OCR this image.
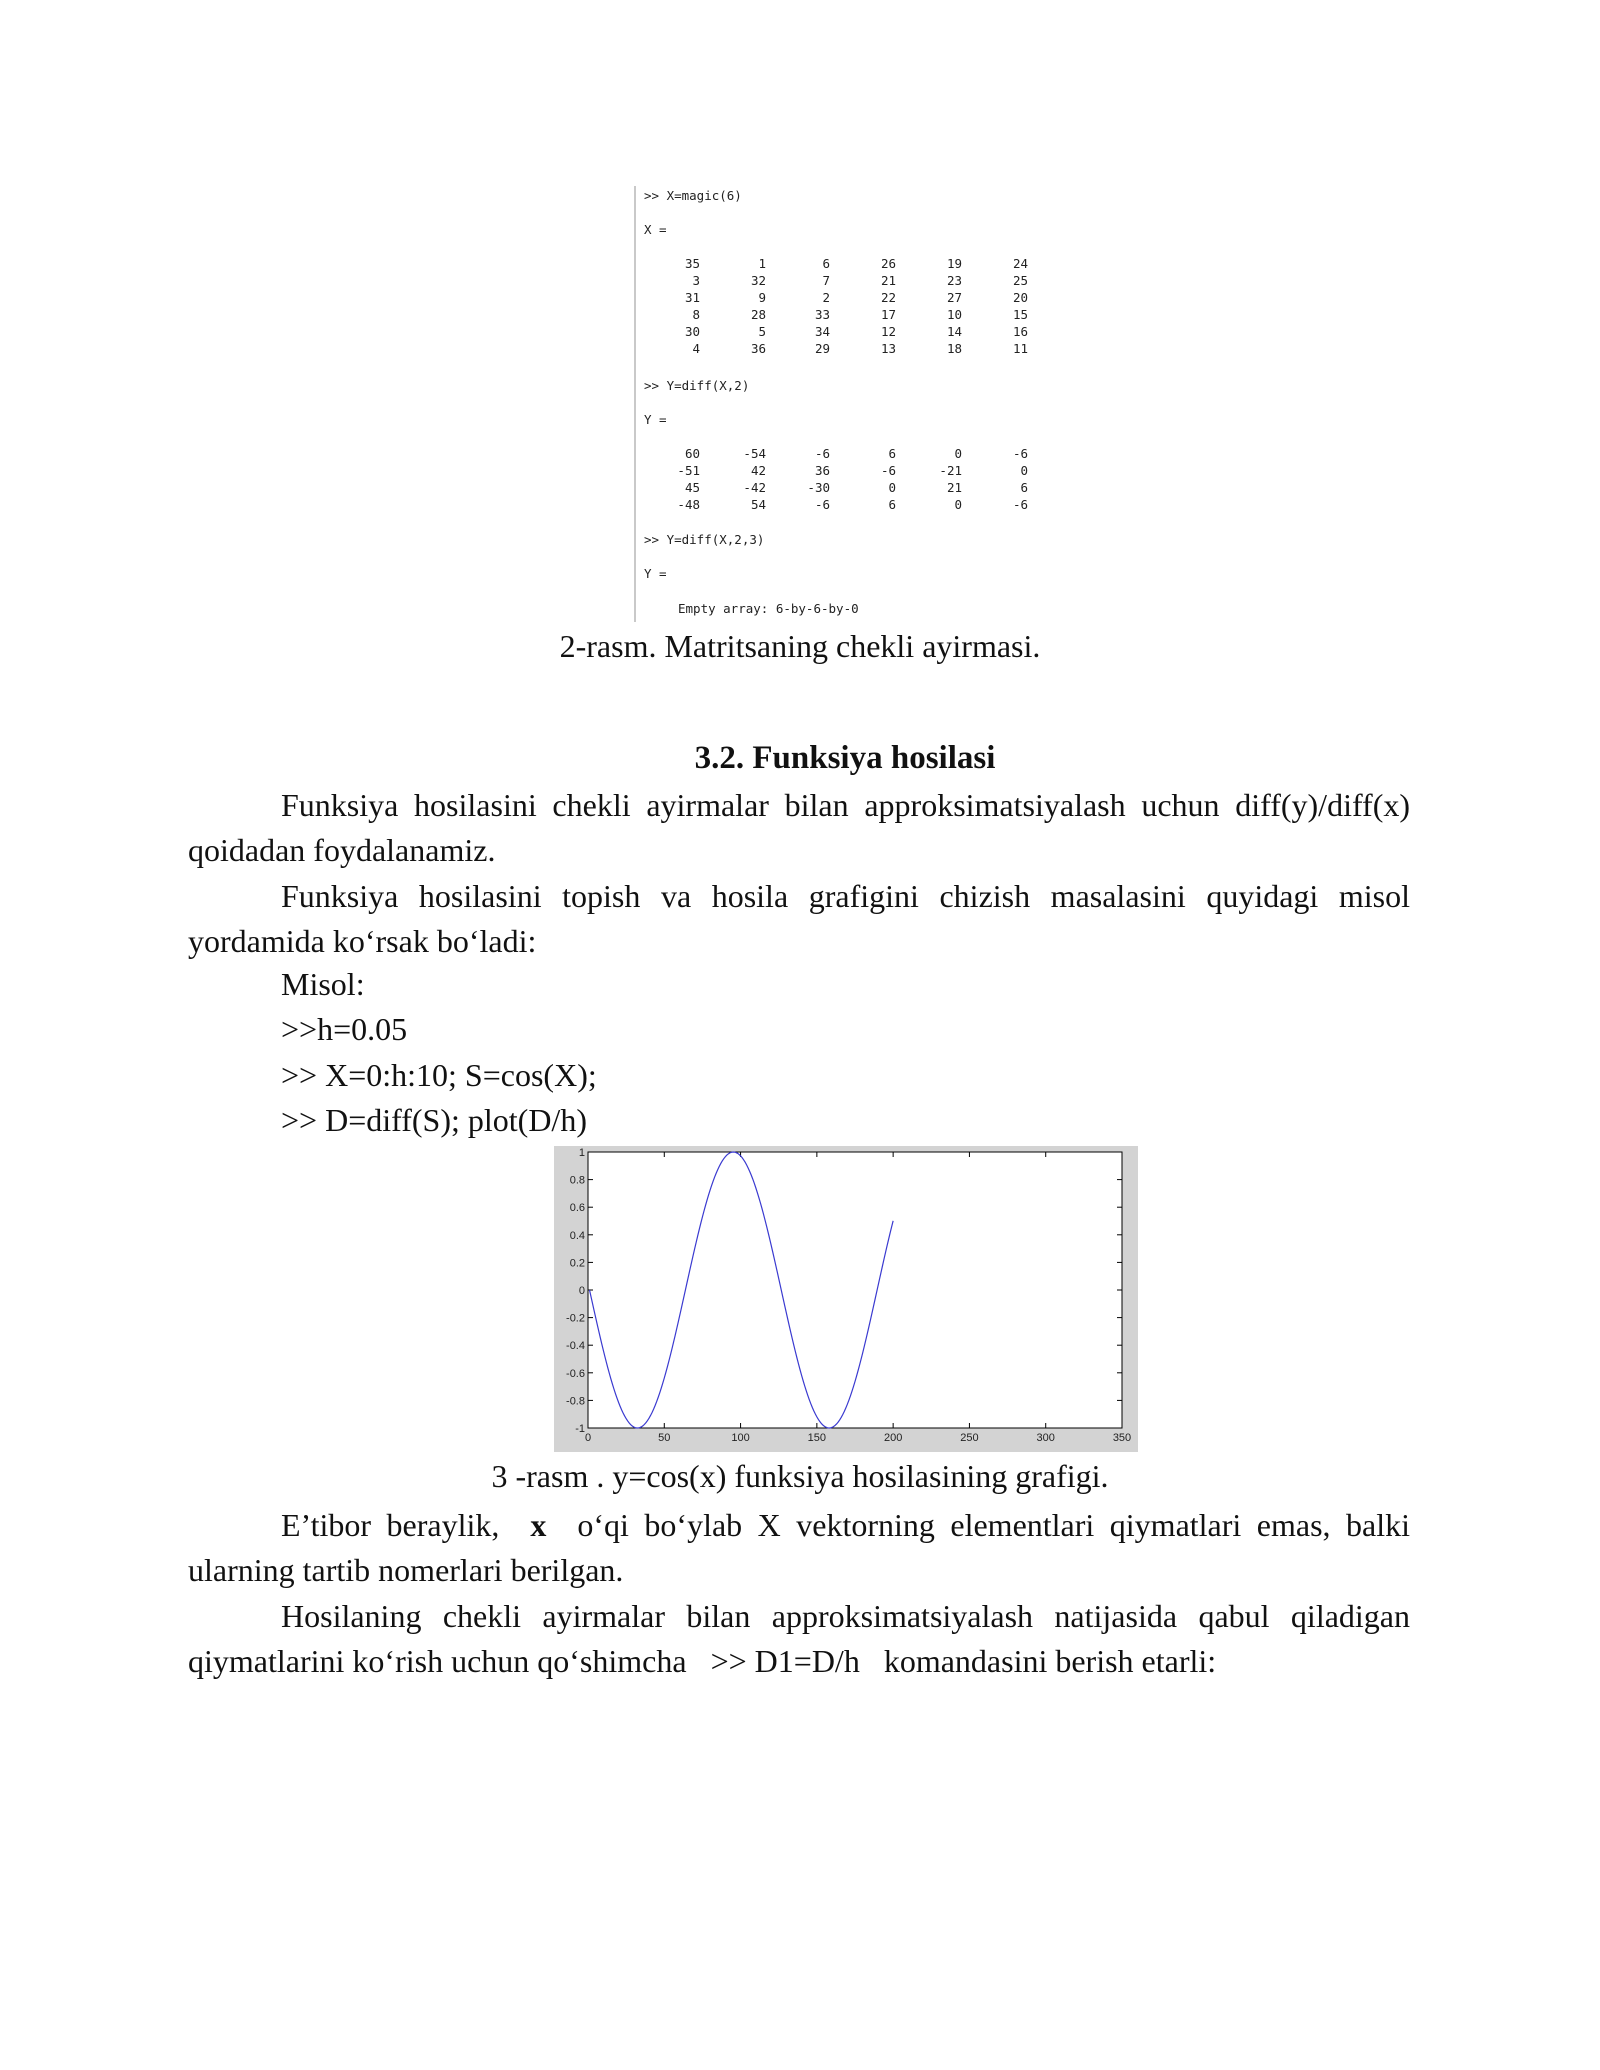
>> X=magic(6)
X =
>> Y=diff(X,2)
Y =
>> Y=diff(X,2,3)
Y =
Empty array: 6-by-6-by-0
35	1	6	26	19	24
3	32	7	21	23	25
31	9	2	22	27	20
8	28	33	17	10	15
30	5	34	12	14	16
4	36	29	13	18	11
60	-54	-6	6	0	-6
-51	42	36	-6	-21	0
45	-42	-30	0	21	6
-48	54	-6	6	0	-6
2-rasm. Matritsaning chekli ayirmasi.
3.2. Funksiya hosilasi
Funksiya hosilasini chekli ayirmalar bilan approksimatsiyalash uchun diff(y)/diff(x) qoidadan foydalanamiz.
Funksiya hosilasini topish va hosila grafigini chizish masalasini quyidagi misol yordamida ko‘rsak bo‘ladi:
Misol:
>>h=0.05
>> X=0:h:10; S=cos(X);
>> D=diff(S); plot(D/h)
0	50	100	150	200	250	300	350
1
0.8
0.6
0.4
0.2
0
-0.2
-0.4
-0.6
-0.8
-1
3 -rasm . y=cos(x) funksiya hosilasining grafigi.
E’tibor beraylik, x o‘qi bo‘ylab X vektorning elementlari qiymatlari emas, balki ularning tartib nomerlari berilgan.
Hosilaning chekli ayirmalar bilan approksimatsiyalash natijasida qabul qiladigan qiymatlarini ko‘rish uchun qo‘shimcha >> D1=D/h komandasini berish etarli:
